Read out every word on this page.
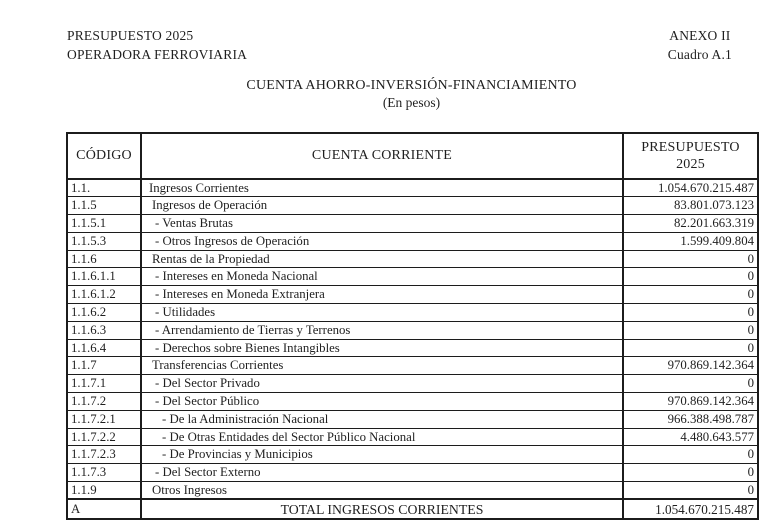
PRESUPUESTO 2025
OPERADORA FERROVIARIA
ANEXO II
Cuadro A.1
CUENTA AHORRO-INVERSIÓN-FINANCIAMIENTO
(En pesos)
CÓDIGO	CUENTA CORRIENTE	PRESUPUESTO
2025

1.1.	Ingresos Corrientes	1.054.670.215.487
1.1.5	Ingresos de Operación	83.801.073.123
1.1.5.1	- Ventas Brutas	82.201.663.319
1.1.5.3	- Otros Ingresos de Operación	1.599.409.804
1.1.6	Rentas de la Propiedad	0
1.1.6.1.1	- Intereses en Moneda Nacional	0
1.1.6.1.2	- Intereses en Moneda Extranjera	0
1.1.6.2	- Utilidades	0
1.1.6.3	- Arrendamiento de Tierras y Terrenos	0
1.1.6.4	- Derechos sobre Bienes Intangibles	0
1.1.7	Transferencias Corrientes	970.869.142.364
1.1.7.1	- Del Sector Privado	0
1.1.7.2	- Del Sector Público	970.869.142.364
1.1.7.2.1	- De la Administración Nacional	966.388.498.787
1.1.7.2.2	- De Otras Entidades del Sector Público Nacional	4.480.643.577
1.1.7.2.3	- De Provincias y Municipios	0
1.1.7.3	- Del Sector Externo	0
1.1.9	Otros Ingresos	0
A	TOTAL INGRESOS CORRIENTES	1.054.670.215.487
